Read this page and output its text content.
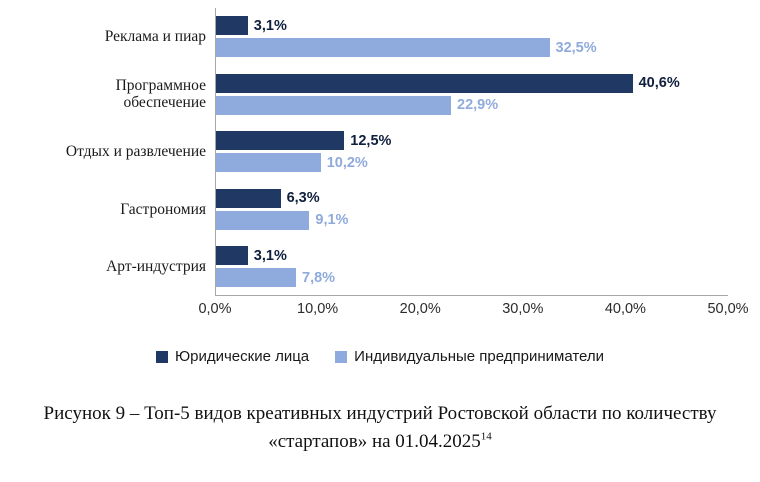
Реклама и пиар
Программное обеспечение
Отдых и развлечение
Гастрономия
Арт-индустрия
3,1%
32,5%
40,6%
22,9%
12,5%
10,2%
6,3%
9,1%
3,1%
7,8%
0,0%	10,0%	20,0%	30,0%	40,0%	50,0%
Юридические лица	Индивидуальные предприниматели
Рисунок 9 – Топ-5 видов креативных индустрий Ростовской области по количеству «стартапов» на 01.04.2025$^{14}$
